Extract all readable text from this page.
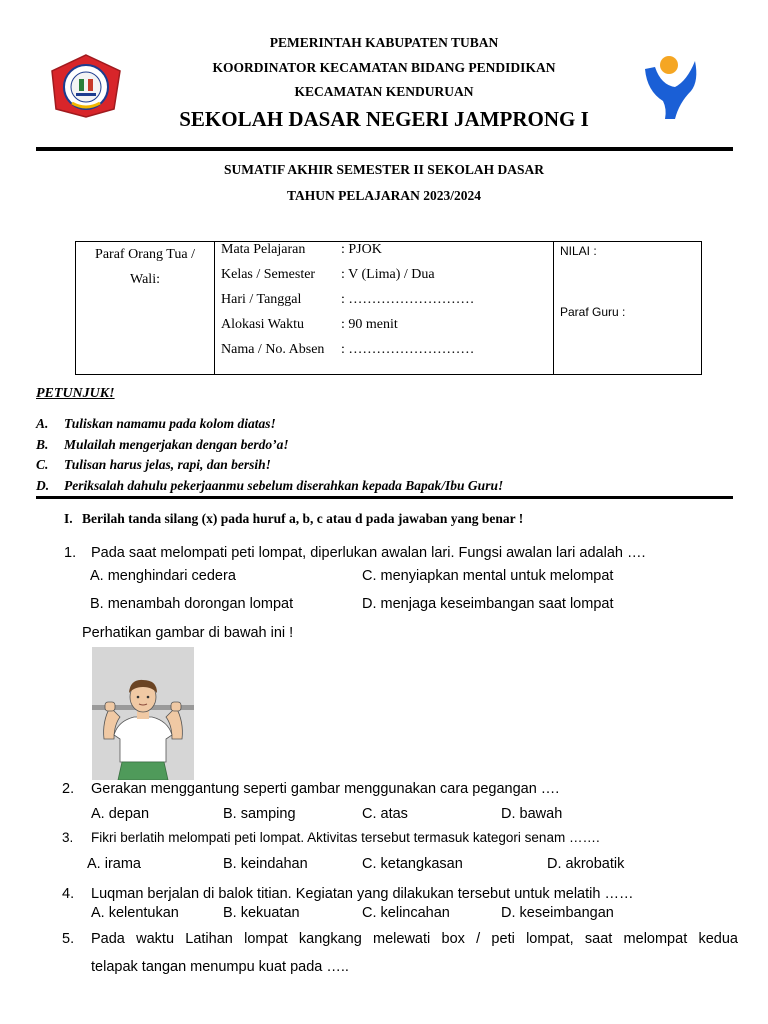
PEMERINTAH KABUPATEN TUBAN
KOORDINATOR KECAMATAN BIDANG PENDIDIKAN
KECAMATAN KENDURUAN
SEKOLAH DASAR NEGERI JAMPRONG I
SUMATIF AKHIR SEMESTER II SEKOLAH DASAR
TAHUN PELAJARAN 2023/2024
Paraf Orang Tua /
Wali:

Mata Pelajaran	: PJOK
Kelas / Semester : V (Lima) / Dua
Hari / Tanggal	: ………………………
Alokasi Waktu	: 90 menit
Nama / No. Absen : ………………………

NILAI :
Paraf Guru :
PETUNJUK!
A. Tuliskan namamu pada kolom diatas!
B. Mulailah mengerjakan dengan berdo’a!
C. Tulisan harus jelas, rapi, dan bersih!
D. Periksalah dahulu pekerjaanmu sebelum diserahkan kepada Bapak/Ibu Guru!
I. Berilah tanda silang (x) pada huruf a, b, c atau d pada jawaban yang benar !
1. Pada saat melompati peti lompat, diperlukan awalan lari. Fungsi awalan lari adalah ….
A. menghindari cedera	C. menyiapkan mental untuk melompat
B. menambah dorongan lompat	D. menjaga keseimbangan saat lompat
Perhatikan gambar di bawah ini !
2. Gerakan menggantung seperti gambar menggunakan cara pegangan ….
A. depan	B. samping	C. atas	D. bawah
3. Fikri berlatih melompati peti lompat. Aktivitas tersebut termasuk kategori senam …….
A. irama	B. keindahan	C. ketangkasan	D. akrobatik
4. Luqman berjalan di balok titian. Kegiatan yang dilakukan tersebut untuk melatih ……
A. kelentukan	B. kekuatan	C. kelincahan	D. keseimbangan
5. Pada waktu Latihan lompat kangkang melewati box / peti lompat, saat melompat kedua
telapak tangan menumpu kuat pada …..
